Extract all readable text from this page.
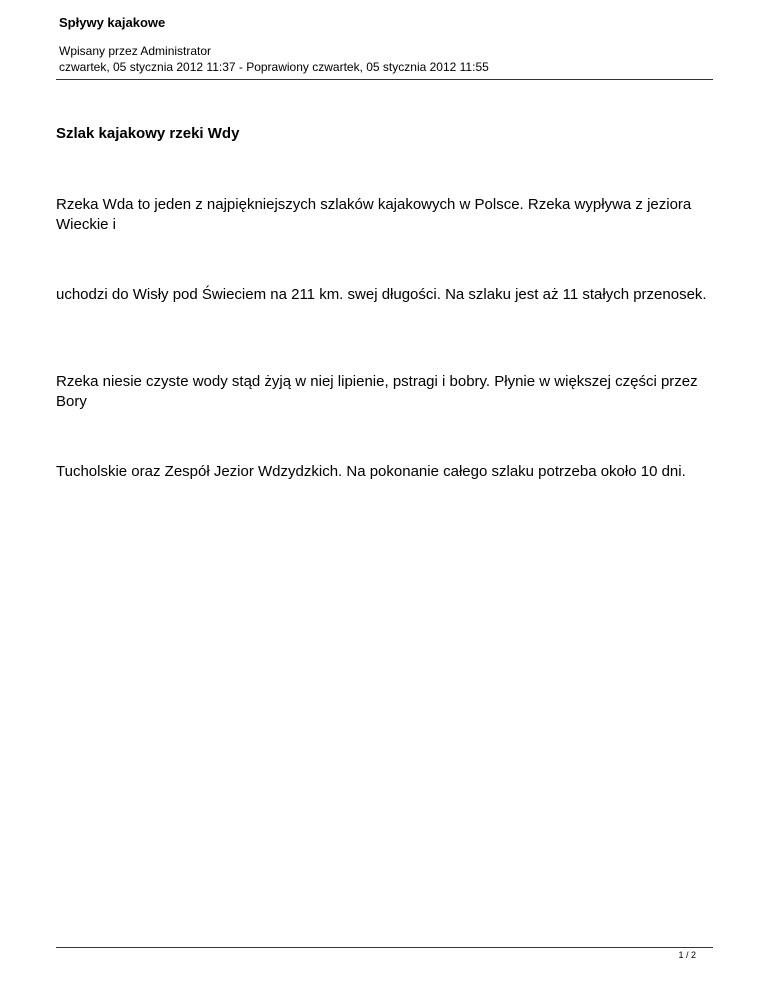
Spływy kajakowe
Wpisany przez Administrator
czwartek, 05 stycznia 2012 11:37 - Poprawiony czwartek, 05 stycznia 2012 11:55
Szlak kajakowy rzeki Wdy
Rzeka Wda to jeden z najpiękniejszych szlaków kajakowych w Polsce. Rzeka wypływa z jeziora Wieckie i
uchodzi do Wisły pod Świeciem na 211 km. swej długości. Na szlaku jest aż 11 stałych przenosek.
Rzeka niesie czyste wody stąd żyją w niej lipienie, pstragi i bobry. Płynie w większej części przez Bory
Tucholskie oraz Zespół Jezior Wdzydzkich. Na pokonanie całego szlaku potrzeba około 10 dni.
1 / 2
